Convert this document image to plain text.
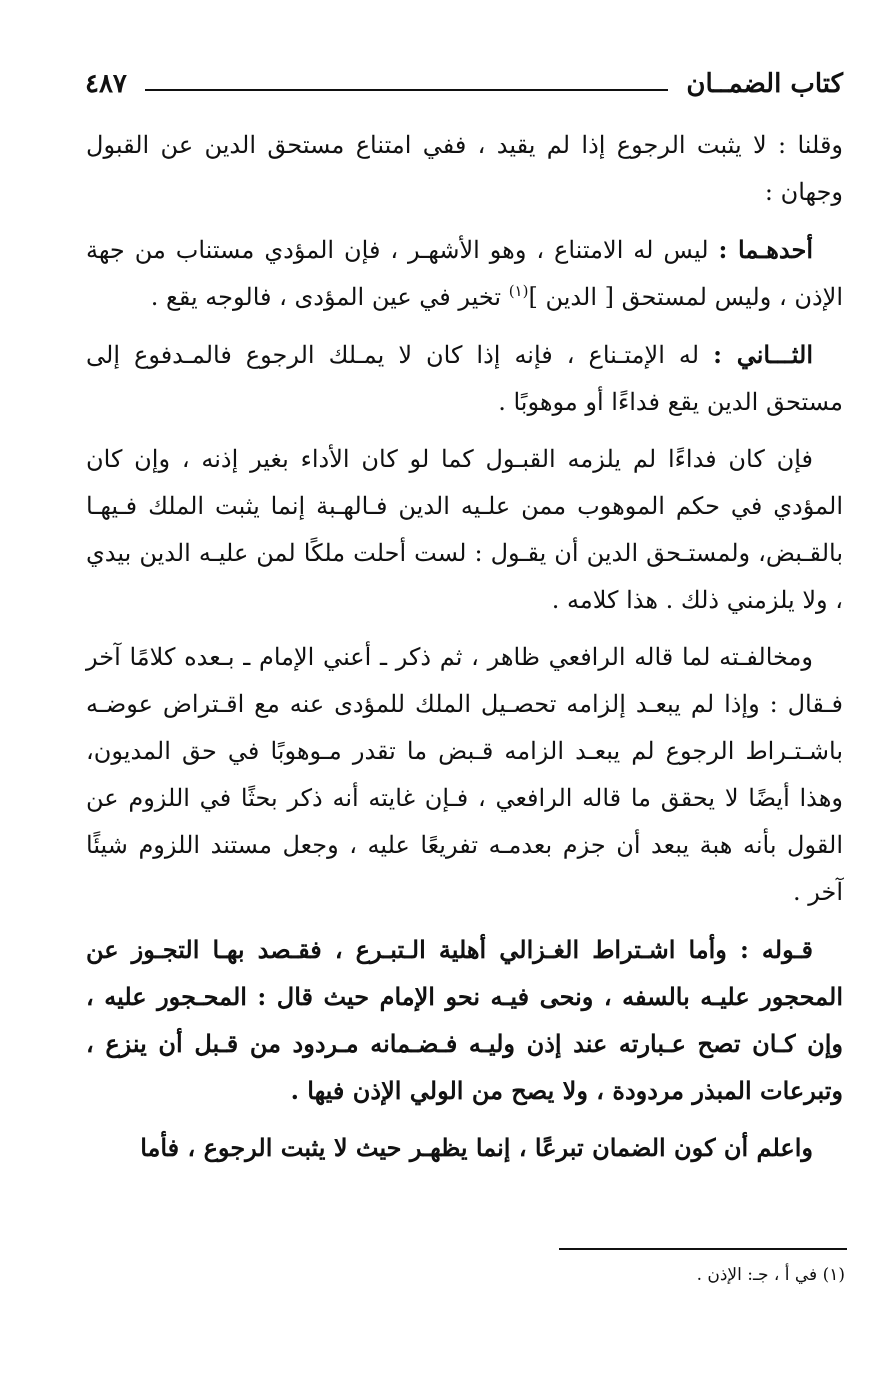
كتاب الضمــان
٤٨٧

وقلنا : لا يثبت الرجوع إذا لم يقيد ، ففي امتناع مستحق الدين عن القبول وجهان :

أحدهـما : ليس له الامتناع ، وهو الأشهـر ، فإن المؤدي مستناب من جهة الإذن ، وليس لمستحق [ الدين ]$^{(١)}$ تخير في عين المؤدى ، فالوجه يقع .

الثـــاني : له الإمتـناع ، فإنه إذا كان لا يمـلك الرجوع فالمـدفوع إلى مستحق الدين يقع فداءًا أو موهوبًا .

فإن كان فداءًا لم يلزمه القبـول كما لو كان الأداء بغير إذنه ، وإن كان المؤدي في حكم الموهوب ممن علـيه الدين فـالهـبة إنما يثبت الملك فـيهـا بالقـبض، ولمستـحق الدين أن يقـول : لست أحلت ملكًا لمن عليـه الدين بيدي ، ولا يلزمني ذلك . هذا كلامه .

ومخالفـته لما قاله الرافعي ظاهر ، ثم ذكر ـ أعني الإمام ـ بـعده كلامًا آخر فـقال : وإذا لم يبعـد إلزامه تحصـيل الملك للمؤدى عنه مع اقـتراض عوضـه باشـتـراط الرجوع لم يبعـد الزامه قـبض ما تقدر مـوهوبًا في حق المديون، وهذا أيضًا لا يحقق ما قاله الرافعي ، فـإن غايته أنه ذكر بحثًا في اللزوم عن القول بأنه هبة يبعد أن جزم بعدمـه تفريعًا عليه ، وجعل مستند اللزوم شيئًا آخر .

قـوله : وأما اشـتراط الغـزالي أهلية الـتبـرع ، فقـصد بهـا التجـوز عن المحجور عليـه بالسفه ، ونحى فيـه نحو الإمام حيث قال : المحـجور عليه ، وإن كـان تصح عـبارته عند إذن وليـه فـضـمانه مـردود من قـبل أن ينزع ، وتبرعات المبذر مردودة ، ولا يصح من الولي الإذن فيها .

واعلم أن كون الضمان تبرعًا ، إنما يظهـر حيث لا يثبت الرجوع ، فأما

(١) في أ ، جـ: الإذن .
